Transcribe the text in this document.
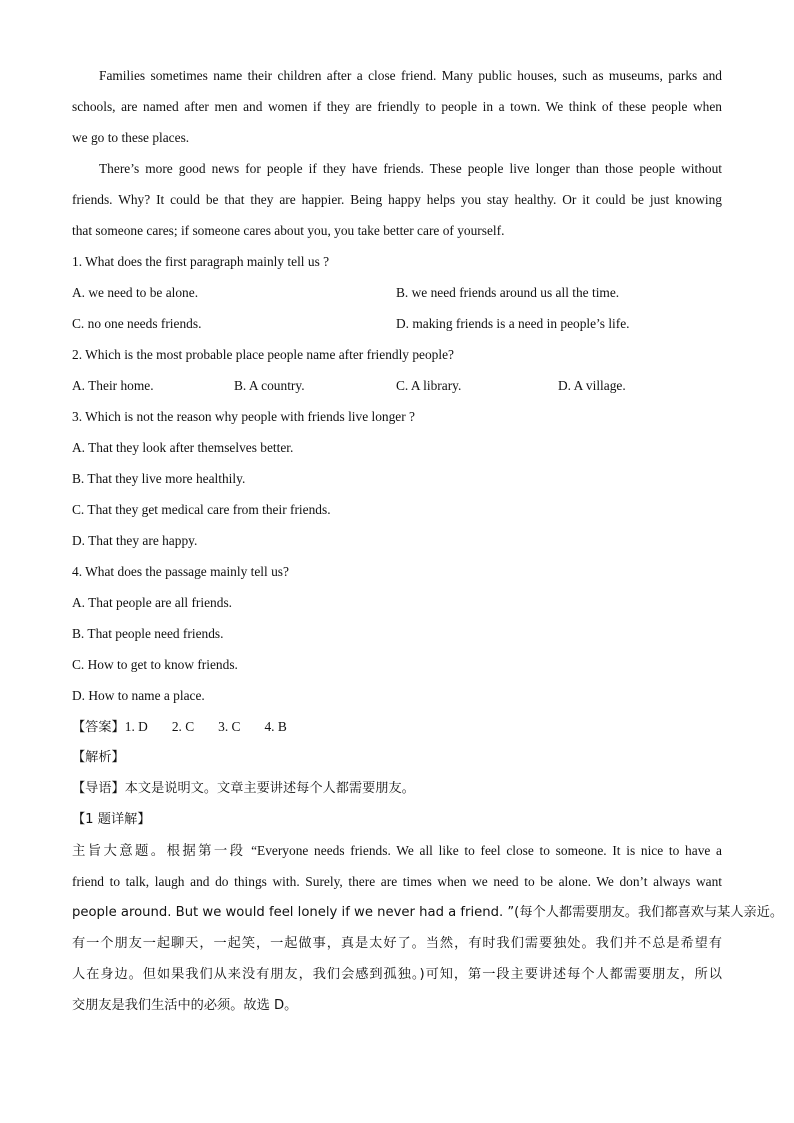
Families sometimes name their children after a close friend. Many public houses, such as museums, parks and
schools, are named after men and women if they are friendly to people in a town. We think of these people when
we go to these places.
There’s more good news for people if they have friends. These people live longer than those people without
friends. Why? It could be that they are happier. Being happy helps you stay healthy. Or it could be just knowing
that someone cares; if someone cares about you, you take better care of yourself.
1. What does the first paragraph mainly tell us ?
A. we need to be alone.	B. we need friends around us all the time.
C. no one needs friends.	D. making friends is a need in people’s life.
2. Which is the most probable place people name after friendly people?
A. Their home.	B. A country.	C. A library.	D. A village.
3. Which is not the reason why people with friends live longer ?
A. That they look after themselves better.
B. That they live more healthily.
C. That they get medical care from their friends.
D. That they are happy.
4. What does the passage mainly tell us?
A. That people are all friends.
B. That people need friends.
C. How to get to know friends.
D. How to name a place.
【答案】1. D 2. C 3. C 4. B
【解析】
【导语】本文是说明文。文章主要讲述每个人都需要朋友。
【1 题详解】
主旨大意题。根据第一段 “Everyone needs friends. We all like to feel close to someone. It is nice to have a
friend to talk, laugh and do things with. Surely, there are times when we need to be alone. We don’t always want
people around. But we would feel lonely if we never had a friend. ”(每个人都需要朋友。我们都喜欢与某人亲近。
有一个朋友一起聊天，一起笑，一起做事，真是太好了。当然，有时我们需要独处。我们并不总是希望有
人在身边。但如果我们从来没有朋友，我们会感到孤独。)可知，第一段主要讲述每个人都需要朋友，所以
交朋友是我们生活中的必须。故选 D。
